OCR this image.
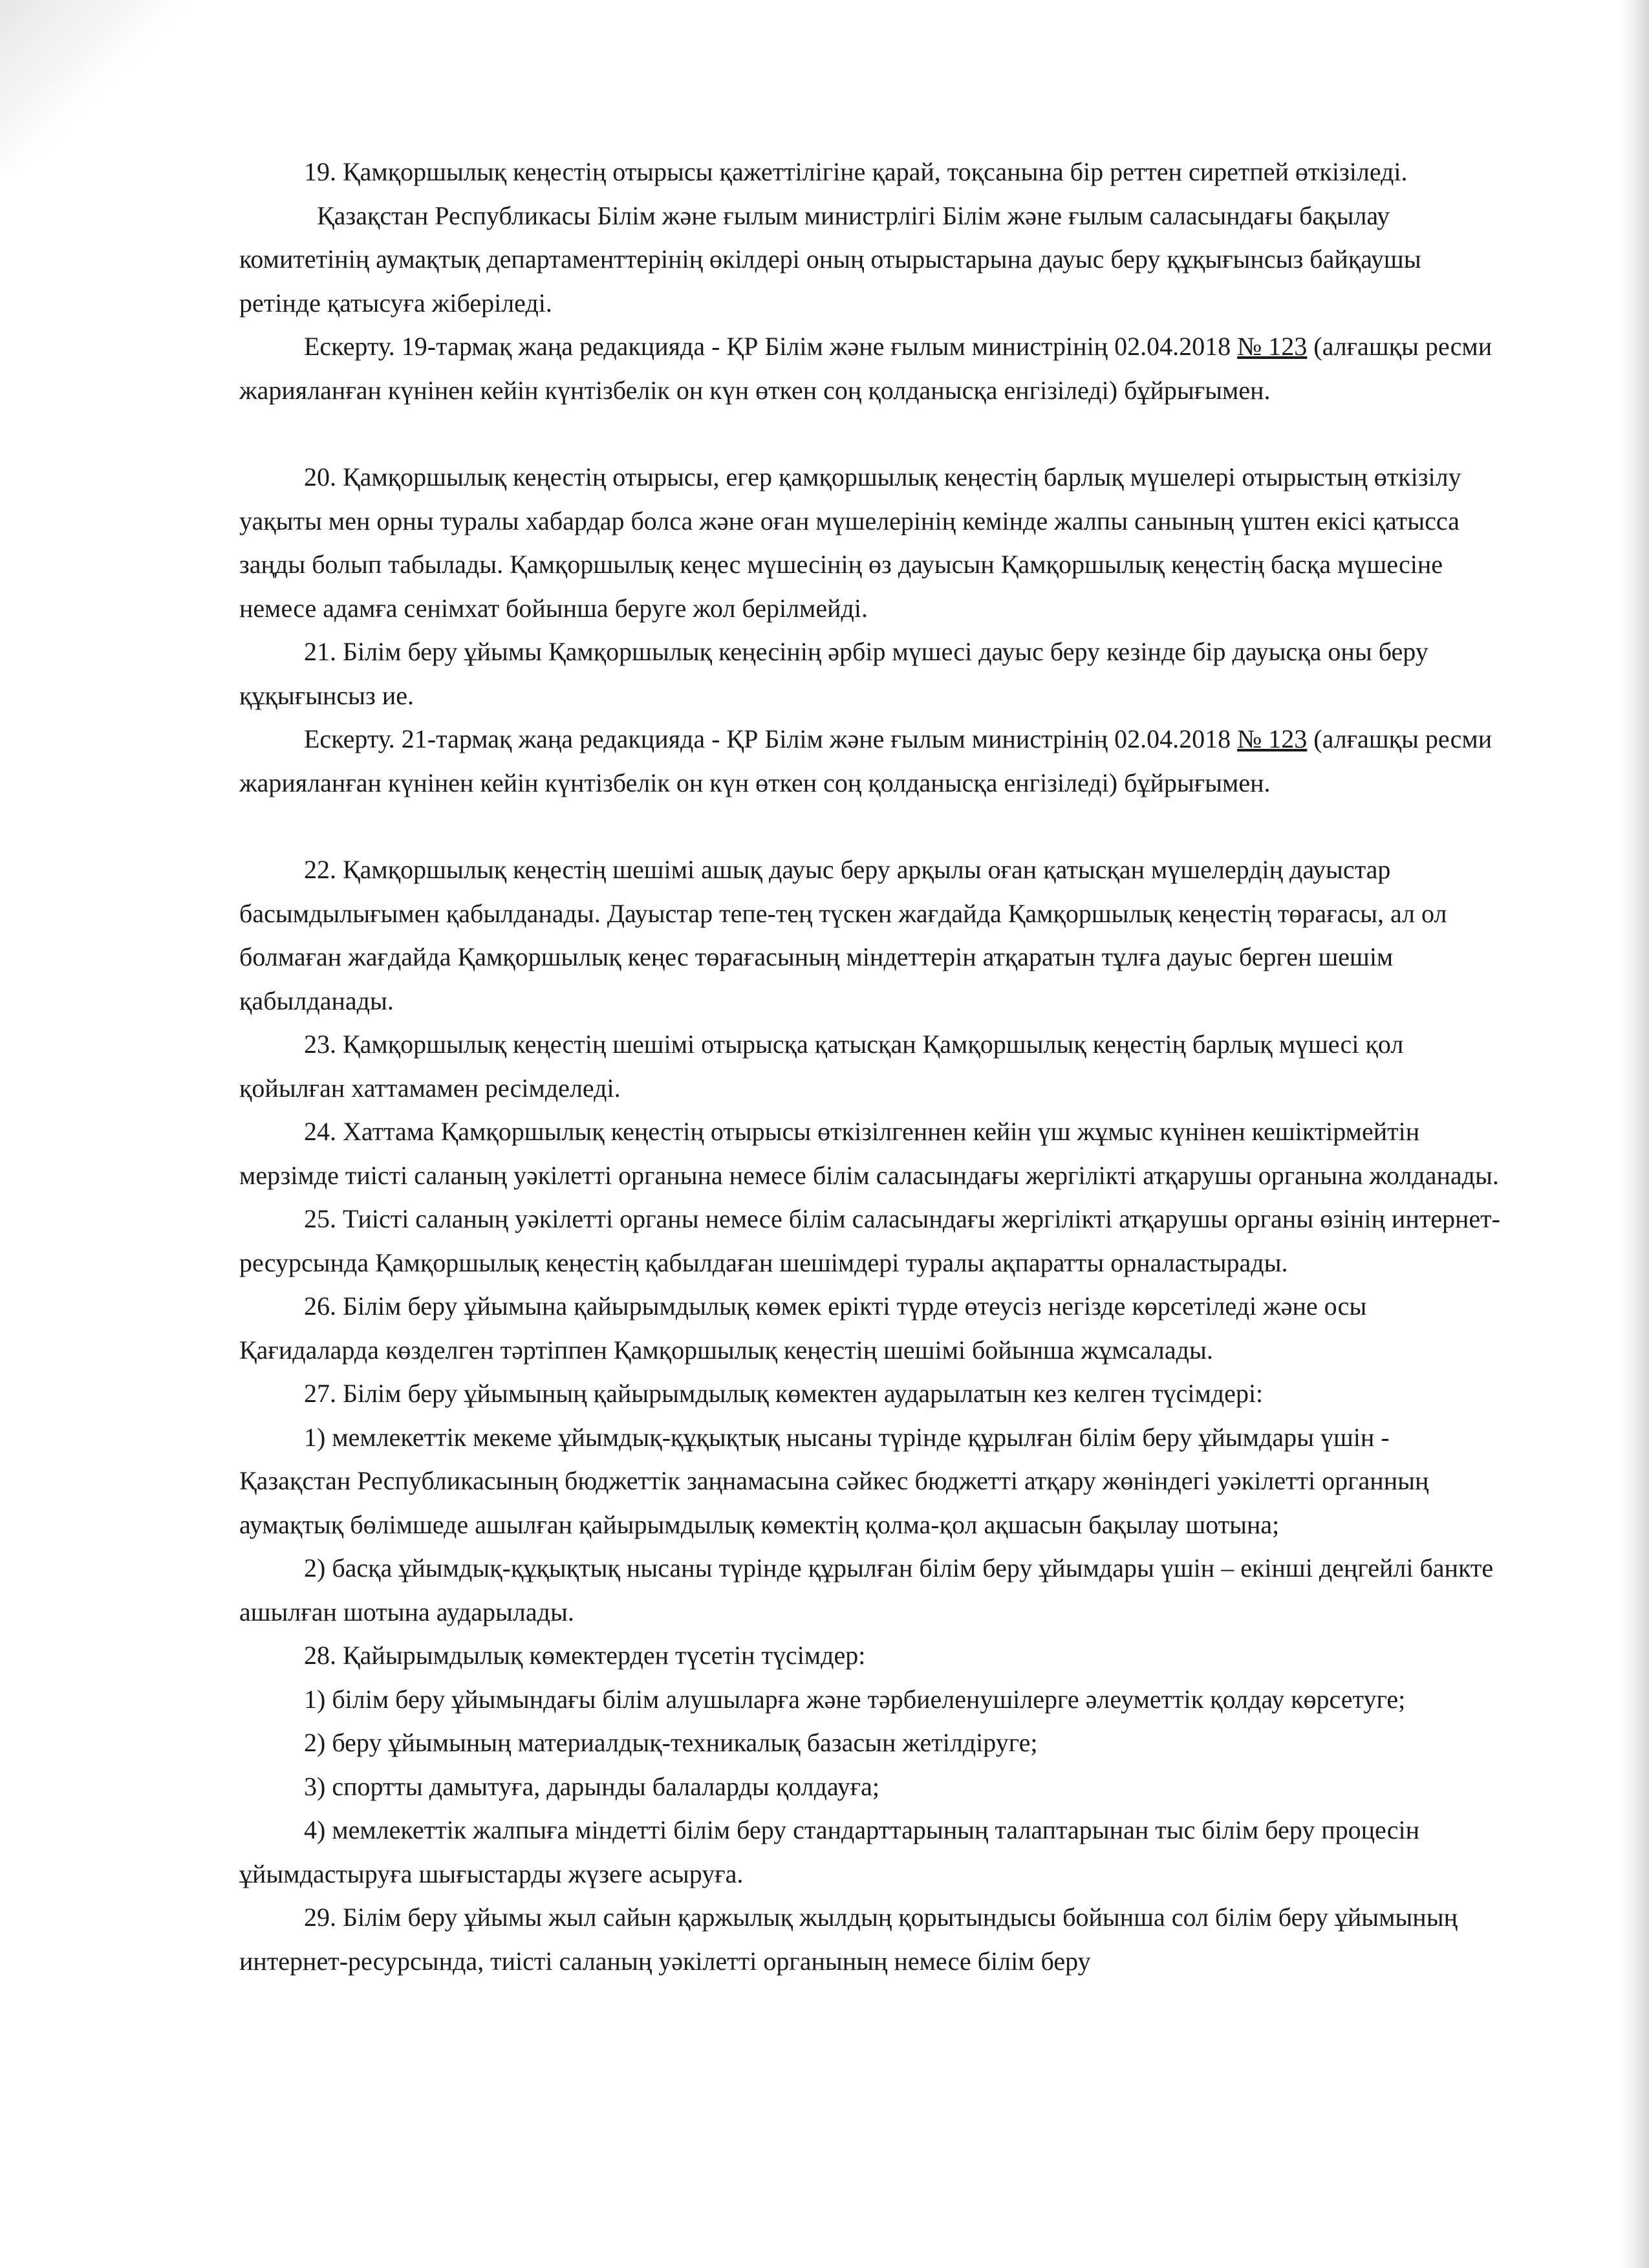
19. Қамқоршылық кеңестің отырысы қажеттілігіне қарай, тоқсанына бір реттен сиретпей өткізіледі.

Қазақстан Республикасы Білім және ғылым министрлігі Білім және ғылым саласындағы бақылау комитетінің аумақтық департаменттерінің өкілдері оның отырыстарына дауыс беру құқығынсыз байқаушы ретінде қатысуға жіберіледі.

Ескерту. 19-тармақ жаңа редакцияда - ҚР Білім және ғылым министрінің 02.04.2018 № 123 (алғашқы ресми жарияланған күнінен кейін күнтізбелік он күн өткен соң қолданысқа енгізіледі) бұйрығымен.

20. Қамқоршылық кеңестің отырысы, егер қамқоршылық кеңестің барлық мүшелері отырыстың өткізілу уақыты мен орны туралы хабардар болса және оған мүшелерінің кемінде жалпы санының үштен екісі қатысса заңды болып табылады. Қамқоршылық кеңес мүшесінің өз дауысын Қамқоршылық кеңестің басқа мүшесіне немесе адамға сенімхат бойынша беруге жол берілмейді.

21. Білім беру ұйымы Қамқоршылық кеңесінің әрбір мүшесі дауыс беру кезінде бір дауысқа оны беру құқығынсыз ие.

Ескерту. 21-тармақ жаңа редакцияда - ҚР Білім және ғылым министрінің 02.04.2018 № 123 (алғашқы ресми жарияланған күнінен кейін күнтізбелік он күн өткен соң қолданысқа енгізіледі) бұйрығымен.

22. Қамқоршылық кеңестің шешімі ашық дауыс беру арқылы оған қатысқан мүшелердің дауыстар басымдылығымен қабылданады. Дауыстар тепе-тең түскен жағдайда Қамқоршылық кеңестің төрағасы, ал ол болмаған жағдайда Қамқоршылық кеңес төрағасының міндеттерін атқаратын тұлға дауыс берген шешім қабылданады.

23. Қамқоршылық кеңестің шешімі отырысқа қатысқан Қамқоршылық кеңестің барлық мүшесі қол қойылған хаттамамен ресімделеді.

24. Хаттама Қамқоршылық кеңестің отырысы өткізілгеннен кейін үш жұмыс күнінен кешіктірмейтін мерзімде тиісті саланың уәкілетті органына немесе білім саласындағы жергілікті атқарушы органына жолданады.

25. Тиісті саланың уәкілетті органы немесе білім саласындағы жергілікті атқарушы органы өзінің интернет-ресурсында Қамқоршылық кеңестің қабылдаған шешімдері туралы ақпаратты орналастырады.

26. Білім беру ұйымына қайырымдылық көмек ерікті түрде өтеусіз негізде көрсетіледі және осы Қағидаларда көзделген тәртіппен Қамқоршылық кеңестің шешімі бойынша жұмсалады.

27. Білім беру ұйымының қайырымдылық көмектен аударылатын кез келген түсімдері:

1) мемлекеттік мекеме ұйымдық-құқықтық нысаны түрінде құрылған білім беру ұйымдары үшін - Қазақстан Республикасының бюджеттік заңнамасына сәйкес бюджетті атқару жөніндегі уәкілетті органның аумақтық бөлімшеде ашылған қайырымдылық көмектің қолма-қол ақшасын бақылау шотына;

2) басқа ұйымдық-құқықтық нысаны түрінде құрылған білім беру ұйымдары үшін – екінші деңгейлі банкте ашылған шотына аударылады.

28. Қайырымдылық көмектерден түсетін түсімдер:

1) білім беру ұйымындағы білім алушыларға және тәрбиеленушілерге әлеуметтік қолдау көрсетуге;

2) беру ұйымының материалдық-техникалық базасын жетілдіруге;

3) спортты дамытуға, дарынды балаларды қолдауға;

4) мемлекеттік жалпыға міндетті білім беру стандарттарының талаптарынан тыс білім беру процесін ұйымдастыруға шығыстарды жүзеге асыруға.

29. Білім беру ұйымы жыл сайын қаржылық жылдың қорытындысы бойынша сол білім беру ұйымының интернет-ресурсында, тиісті саланың уәкілетті органының немесе білім беру
